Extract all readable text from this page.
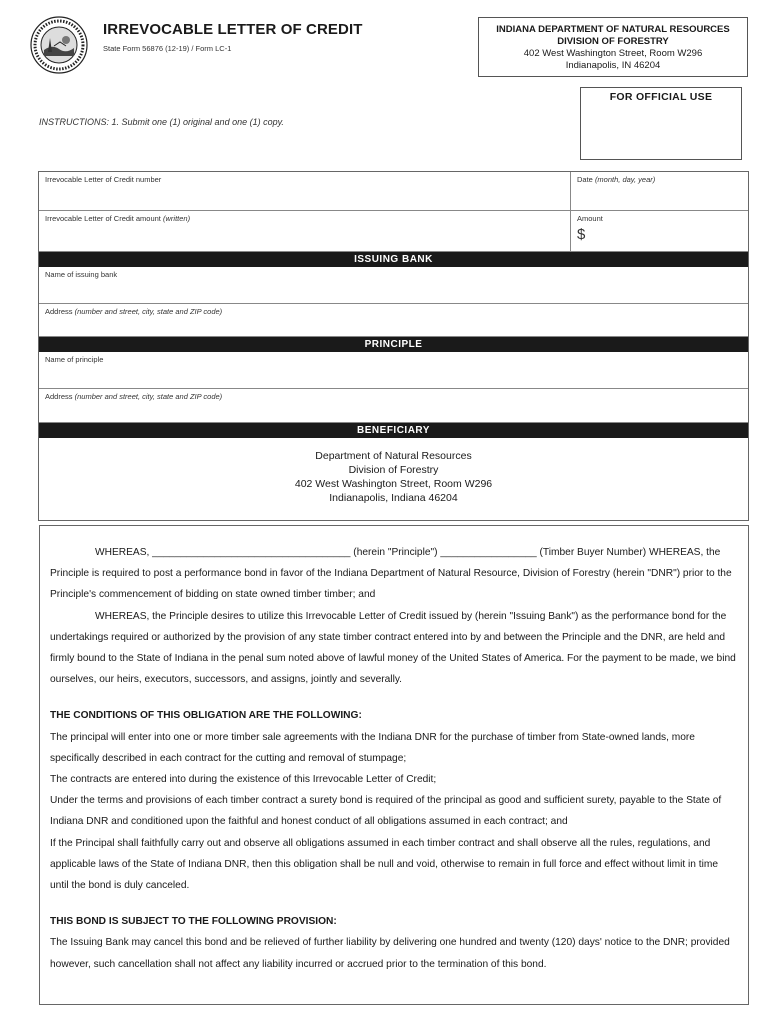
IRREVOCABLE LETTER OF CREDIT
State Form 56876 (12-19) / Form LC-1
INDIANA DEPARTMENT OF NATURAL RESOURCES
DIVISION OF FORESTRY
402 West Washington Street, Room W296
Indianapolis, IN 46204
FOR OFFICIAL USE
INSTRUCTIONS: 1. Submit one (1) original and one (1) copy.
Irrevocable Letter of Credit number	Date (month, day, year)
Irrevocable Letter of Credit amount (written)	Amount
$
ISSUING BANK
Name of issuing bank
Address (number and street, city, state and ZIP code)
PRINCIPLE
Name of principle
Address (number and street, city, state and ZIP code)
BENEFICIARY
Department of Natural Resources
Division of Forestry
402 West Washington Street, Room W296
Indianapolis, Indiana 46204

WHEREAS, ___________________________________ (herein "Principle") _________________ (Timber Buyer Number) WHEREAS, the Principle is required to post a performance bond in favor of the Indiana Department of Natural Resource, Division of Forestry (herein "DNR") prior to the Principle's commencement of bidding on state owned timber timber; and

WHEREAS, the Principle desires to utilize this Irrevocable Letter of Credit issued by (herein "Issuing Bank") as the performance bond for the undertakings required or authorized by the provision of any state timber contract entered into by and between the Principle and the DNR, are held and firmly bound to the State of Indiana in the penal sum noted above of lawful money of the United States of America. For the payment to be made, we bind ourselves, our heirs, executors, successors, and assigns, jointly and severally.

THE CONDITIONS OF THIS OBLIGATION ARE THE FOLLOWING:

The principal will enter into one or more timber sale agreements with the Indiana DNR for the purchase of timber from State-owned lands, more specifically described in each contract for the cutting and removal of stumpage;

The contracts are entered into during the existence of this Irrevocable Letter of Credit;

Under the terms and provisions of each timber contract a surety bond is required of the principal as good and sufficient surety, payable to the State of Indiana DNR and conditioned upon the faithful and honest conduct of all obligations assumed in each contract; and

If the Principal shall faithfully carry out and observe all obligations assumed in each timber contract and shall observe all the rules, regulations, and applicable laws of the State of Indiana DNR, then this obligation shall be null and void, otherwise to remain in full force and effect without limit in time until the bond is duly canceled.

THIS BOND IS SUBJECT TO THE FOLLOWING PROVISION:

The Issuing Bank may cancel this bond and be relieved of further liability by delivering one hundred and twenty (120) days' notice to the DNR; provided however, such cancellation shall not affect any liability incurred or accrued prior to the termination of this bond.
